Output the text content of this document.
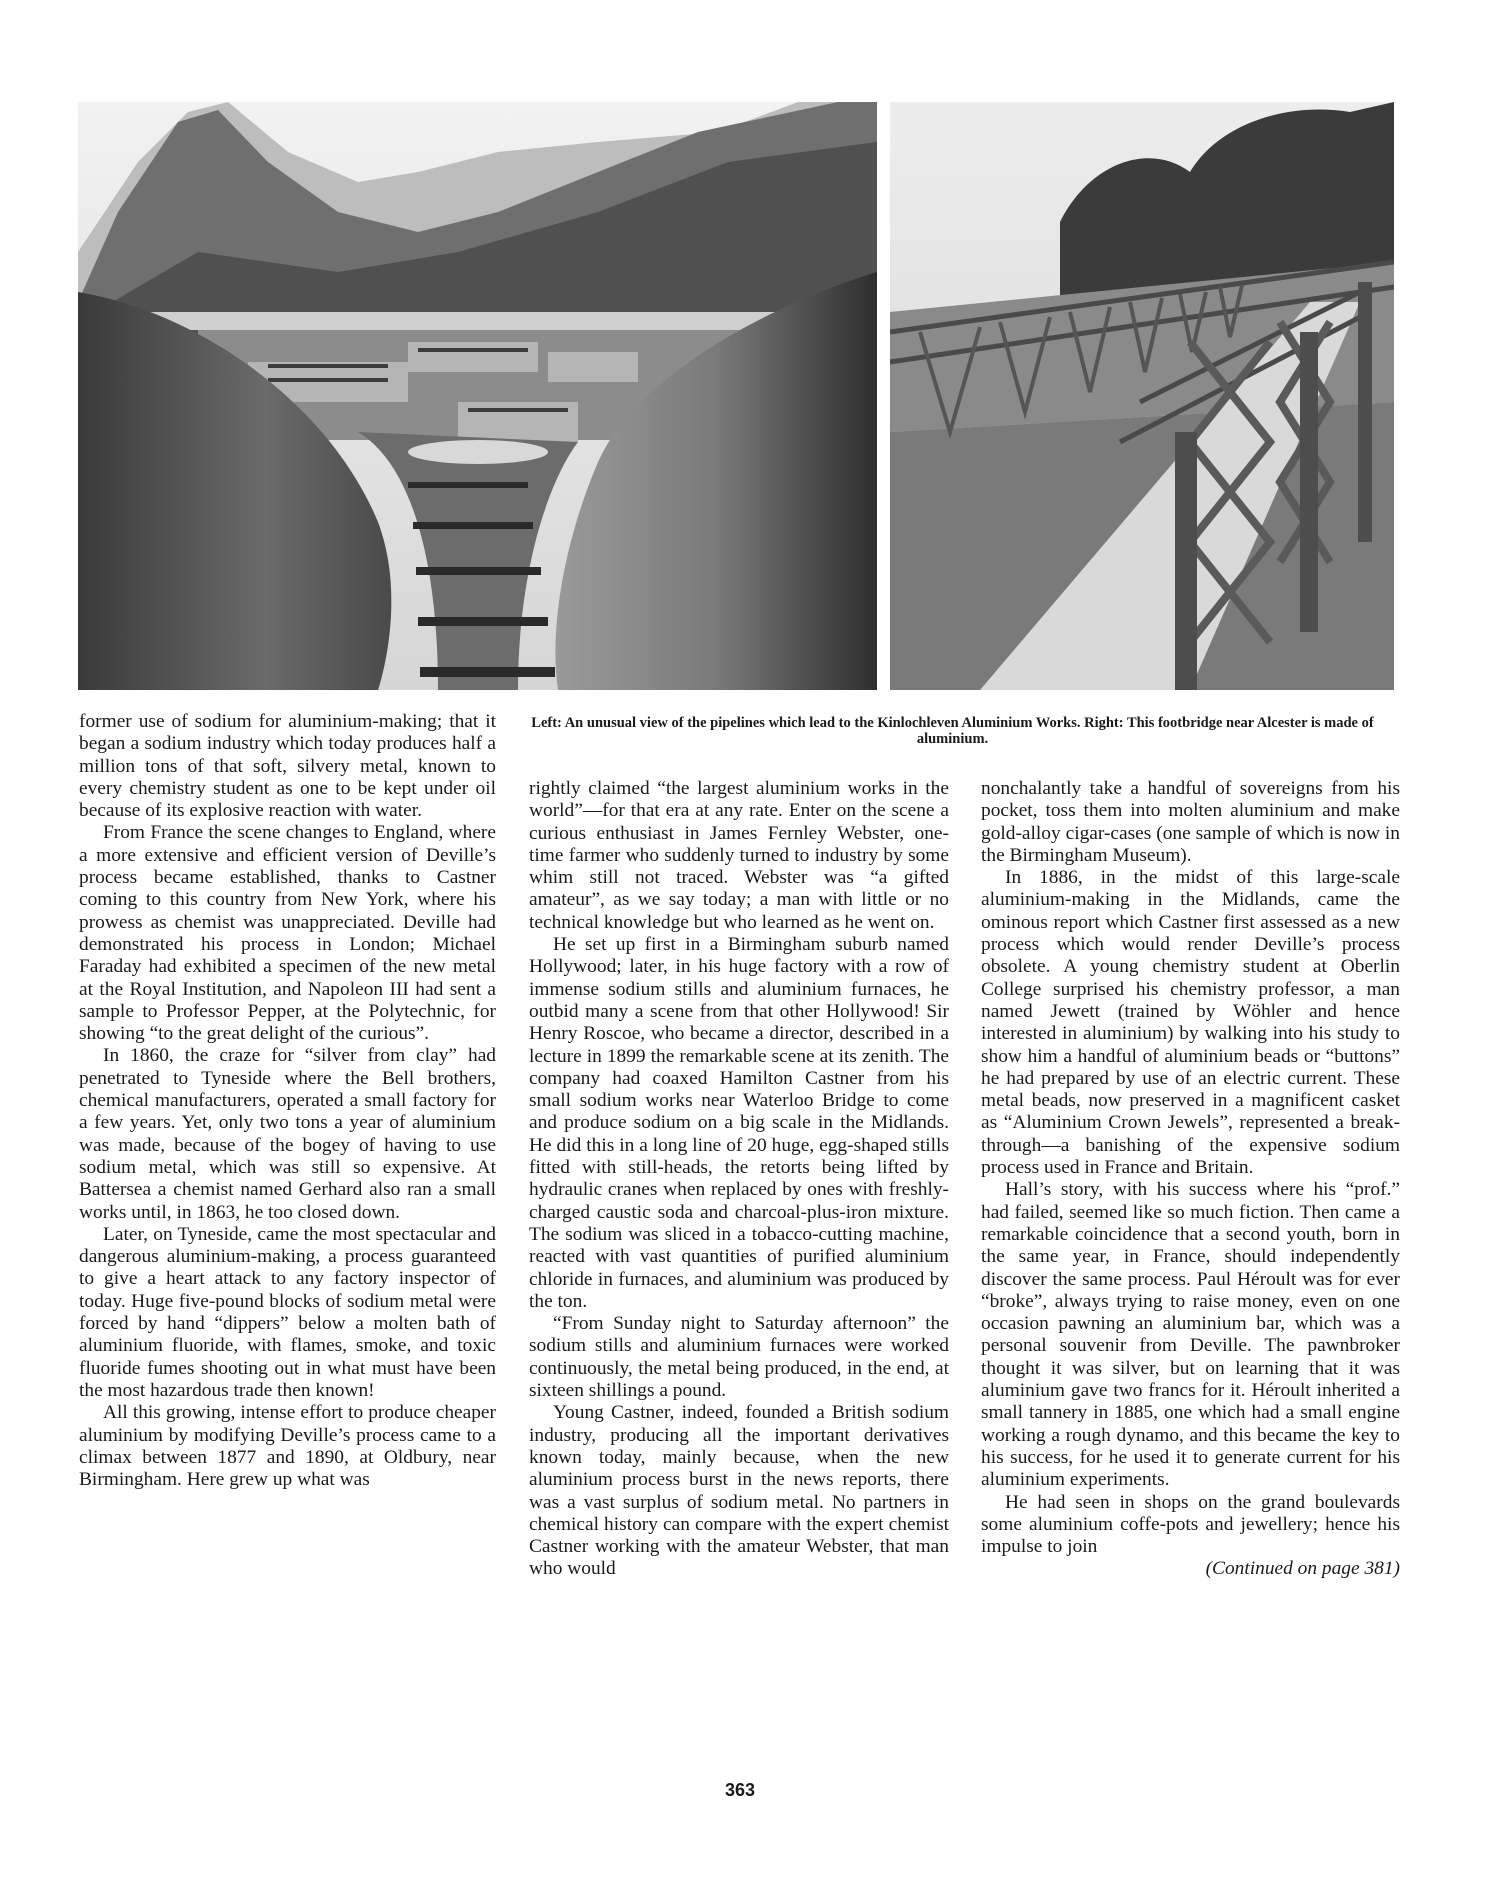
Left: An unusual view of the pipelines which lead to the Kinlochleven Aluminium Works. Right: This footbridge near Alcester is made of aluminium.

former use of sodium for aluminium-making; that it began a sodium industry which today produces half a million tons of that soft, silvery metal, known to every chemistry student as one to be kept under oil because of its explosive reaction with water.

From France the scene changes to England, where a more extensive and efficient version of Deville’s process became established, thanks to Castner coming to this country from New York, where his prowess as chemist was unappreciated. Deville had demonstrated his process in London; Michael Faraday had exhibited a specimen of the new metal at the Royal Institution, and Napoleon III had sent a sample to Professor Pepper, at the Polytechnic, for showing “to the great delight of the curious”.

In 1860, the craze for “silver from clay” had penetrated to Tyneside where the Bell brothers, chemical manufacturers, operated a small factory for a few years. Yet, only two tons a year of aluminium was made, because of the bogey of having to use sodium metal, which was still so expensive. At Battersea a chemist named Gerhard also ran a small works until, in 1863, he too closed down.

Later, on Tyneside, came the most spectacular and dangerous aluminium-making, a process guaranteed to give a heart attack to any factory inspector of today. Huge five-pound blocks of sodium metal were forced by hand “dippers” below a molten bath of aluminium fluoride, with flames, smoke, and toxic fluoride fumes shooting out in what must have been the most hazardous trade then known!

All this growing, intense effort to produce cheaper aluminium by modifying Deville’s process came to a climax between 1877 and 1890, at Oldbury, near Birmingham. Here grew up what was

rightly claimed “the largest aluminium works in the world”—for that era at any rate. Enter on the scene a curious enthusiast in James Fernley Webster, one-time farmer who suddenly turned to industry by some whim still not traced. Webster was “a gifted amateur”, as we say today; a man with little or no technical knowledge but who learned as he went on.

He set up first in a Birmingham suburb named Hollywood; later, in his huge factory with a row of immense sodium stills and aluminium furnaces, he outbid many a scene from that other Hollywood! Sir Henry Roscoe, who became a director, described in a lecture in 1899 the remarkable scene at its zenith. The company had coaxed Hamilton Castner from his small sodium works near Waterloo Bridge to come and produce sodium on a big scale in the Midlands. He did this in a long line of 20 huge, egg-shaped stills fitted with still-heads, the retorts being lifted by hydraulic cranes when replaced by ones with freshly-charged caustic soda and charcoal-plus-iron mixture. The sodium was sliced in a tobacco-cutting machine, reacted with vast quantities of purified aluminium chloride in furnaces, and aluminium was produced by the ton.

“From Sunday night to Saturday afternoon” the sodium stills and aluminium furnaces were worked continuously, the metal being produced, in the end, at sixteen shillings a pound.

Young Castner, indeed, founded a British sodium industry, producing all the important derivatives known today, mainly because, when the new aluminium process burst in the news reports, there was a vast surplus of sodium metal. No partners in chemical history can compare with the expert chemist Castner working with the amateur Webster, that man who would

nonchalantly take a handful of sovereigns from his pocket, toss them into molten aluminium and make gold-alloy cigar-cases (one sample of which is now in the Birmingham Museum).

In 1886, in the midst of this large-scale aluminium-making in the Midlands, came the ominous report which Castner first assessed as a new process which would render Deville’s process obsolete. A young chemistry student at Oberlin College surprised his chemistry professor, a man named Jewett (trained by Wöhler and hence interested in aluminium) by walking into his study to show him a handful of aluminium beads or “buttons” he had prepared by use of an electric current. These metal beads, now preserved in a magnificent casket as “Aluminium Crown Jewels”, represented a break-through—a banishing of the expensive sodium process used in France and Britain.

Hall’s story, with his success where his “prof.” had failed, seemed like so much fiction. Then came a remarkable coincidence that a second youth, born in the same year, in France, should independently discover the same process. Paul Héroult was for ever “broke”, always trying to raise money, even on one occasion pawning an aluminium bar, which was a personal souvenir from Deville. The pawnbroker thought it was silver, but on learning that it was aluminium gave two francs for it. Héroult inherited a small tannery in 1885, one which had a small engine working a rough dynamo, and this became the key to his success, for he used it to generate current for his aluminium experiments.

He had seen in shops on the grand boulevards some aluminium coffe-pots and jewellery; hence his impulse to join

(Continued on page 381)
363
